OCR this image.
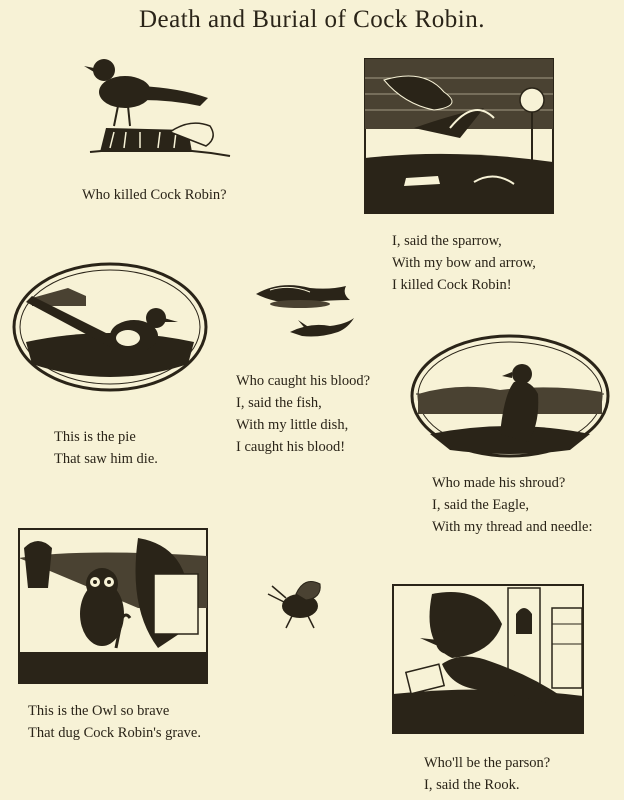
Death and Burial of Cock Robin.
Who killed Cock Robin?
I, said the sparrow,
With my bow and arrow,
I killed Cock Robin!
This is the pie
That saw him die.
Who caught his blood?
I, said the fish,
With my little dish,
I caught his blood!
Who made his shroud?
I, said the Eagle,
With my thread and needle:
This is the Owl so brave
That dug Cock Robin's grave.
Who'll be the parson?
I, said the Rook.
